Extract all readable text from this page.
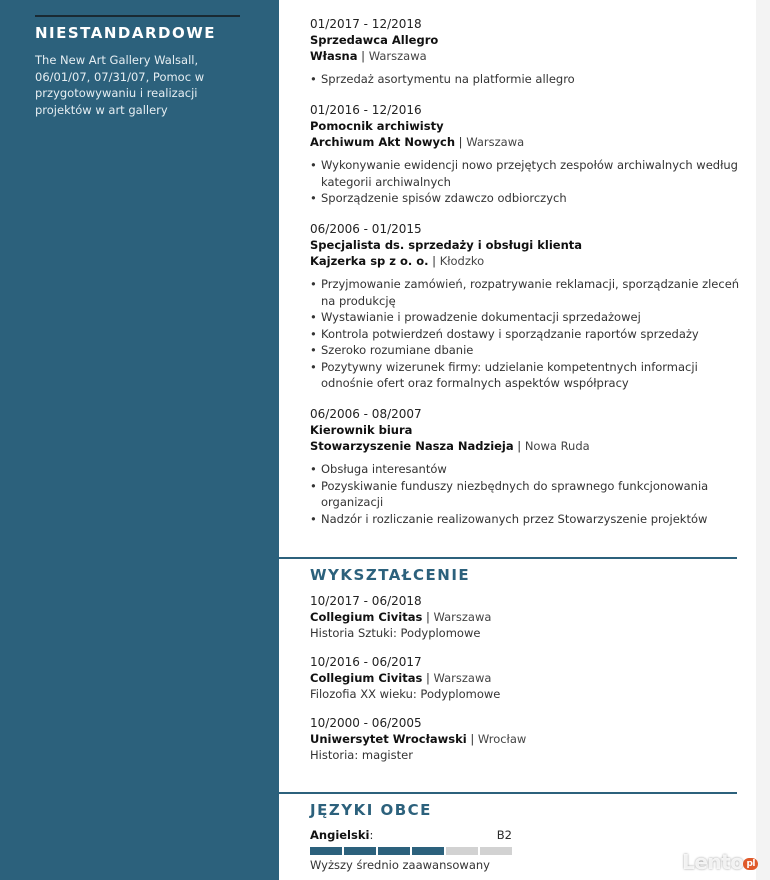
NIESTANDARDOWE

The New Art Gallery Walsall, 06/01/07, 07/31/07, Pomoc w przygotowywaniu i realizacji projektów w art gallery

01/2017 - 12/2018
Sprzedawca Allegro
Własna | Warszawa
• Sprzedaż asortymentu na platformie allegro
01/2016 - 12/2016
Pomocnik archiwisty
Archiwum Akt Nowych | Warszawa
• Wykonywanie ewidencji nowo przejętych zespołów archiwalnych według kategorii archiwalnych
• Sporządzenie spisów zdawczo odbiorczych
06/2006 - 01/2015
Specjalista ds. sprzedaży i obsługi klienta
Kajzerka sp z o. o. | Kłodzko
• Przyjmowanie zamówień, rozpatrywanie reklamacji, sporządzanie zleceń na produkcję
• Wystawianie i prowadzenie dokumentacji sprzedażowej
• Kontrola potwierdzeń dostawy i sporządzanie raportów sprzedaży
• Szeroko rozumiane dbanie
• Pozytywny wizerunek firmy: udzielanie kompetentnych informacji odnośnie ofert oraz formalnych aspektów współpracy
06/2006 - 08/2007
Kierownik biura
Stowarzyszenie Nasza Nadzieja | Nowa Ruda
• Obsługa interesantów
• Pozyskiwanie funduszy niezbędnych do sprawnego funkcjonowania organizacji
• Nadzór i rozliczanie realizowanych przez Stowarzyszenie projektów
WYKSZTAŁCENIE
10/2017 - 06/2018
Collegium Civitas | Warszawa
Historia Sztuki: Podyplomowe
10/2016 - 06/2017
Collegium Civitas | Warszawa
Filozofia XX wieku: Podyplomowe
10/2000 - 06/2005
Uniwersytet Wrocławski | Wrocław
Historia: magister
JĘZYKI OBCE
Angielski:	B2
Wyższy średnio zaawansowany	Lento pl
